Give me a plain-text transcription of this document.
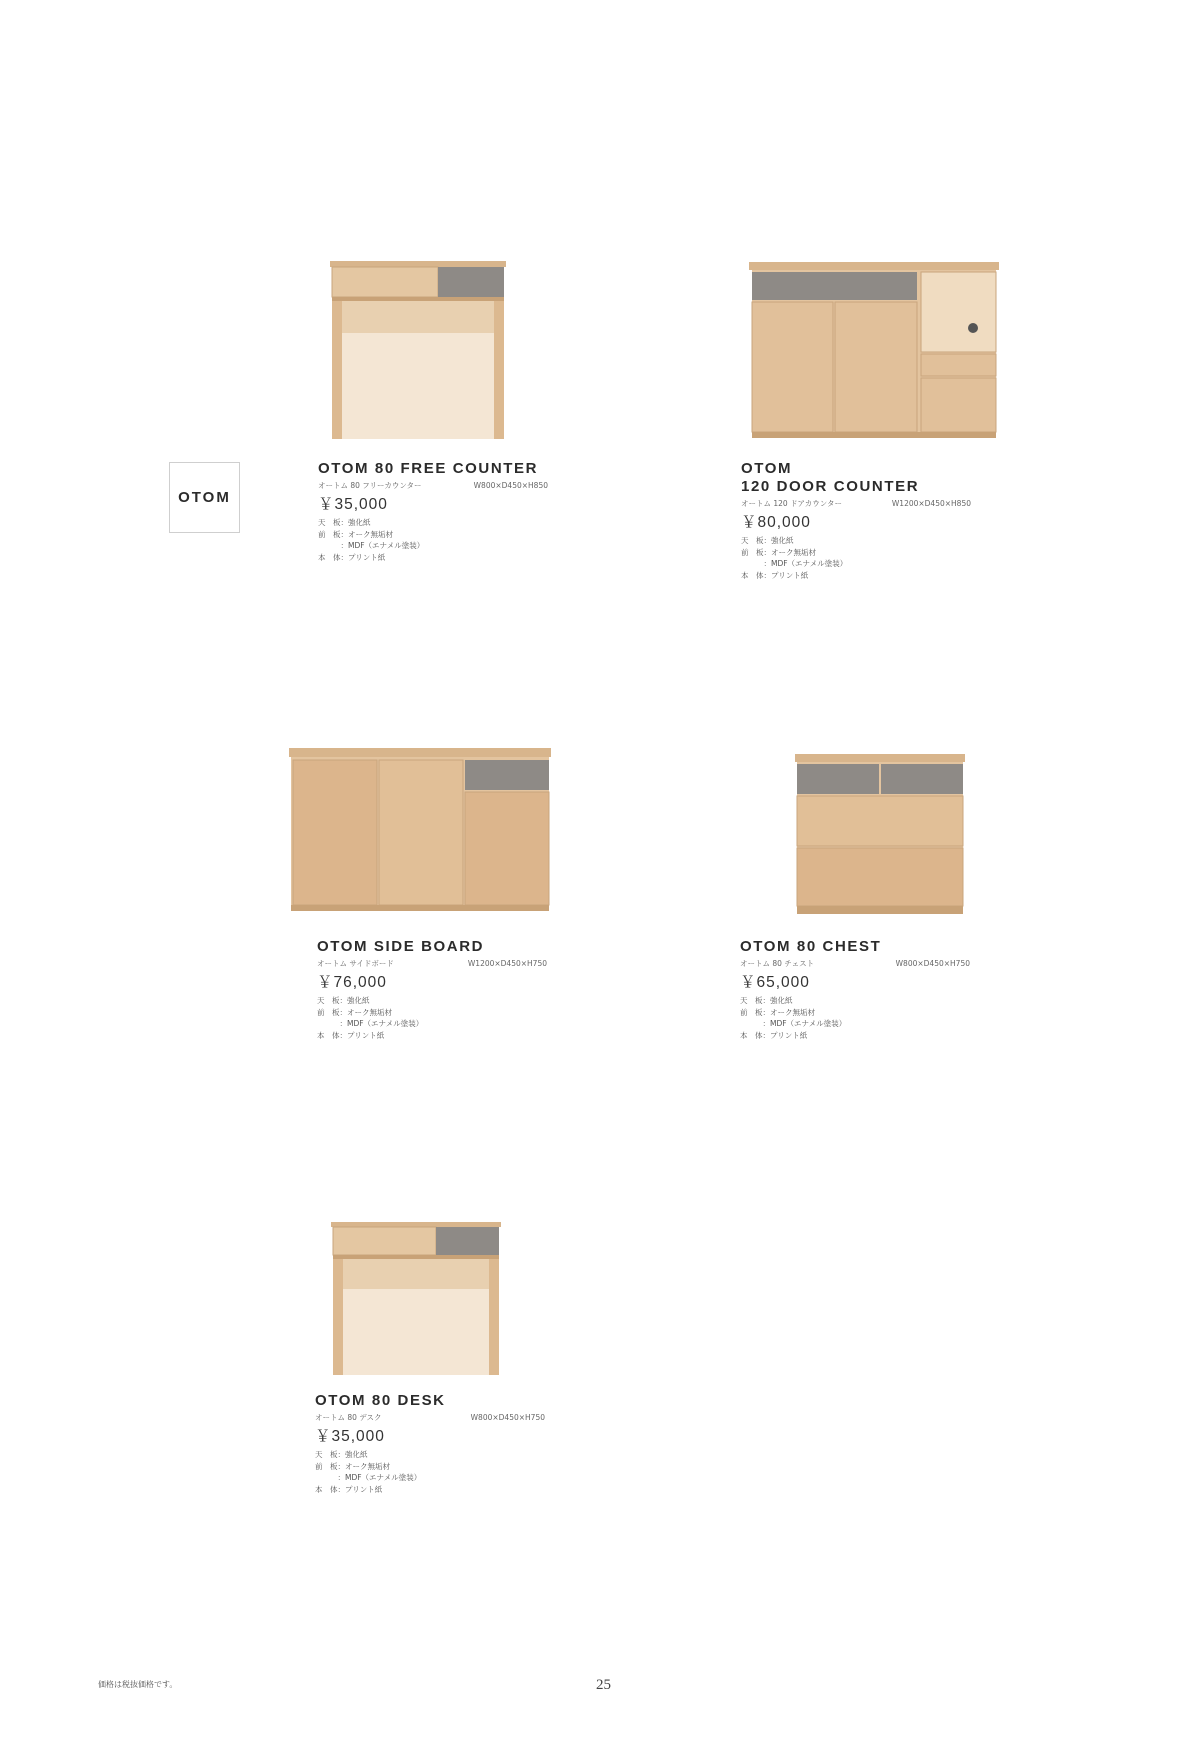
OTOM
OTOM 80 FREE COUNTER
オートム 80 フリーカウンター	W800×D450×H850
￥35,000
天　板：強化紙
前　板：オーク無垢材
　　　：MDF（エナメル塗装）
本　体：プリント紙
OTOM
120 DOOR COUNTER
オートム 120 ドアカウンター	W1200×D450×H850
￥80,000
天　板：強化紙
前　板：オーク無垢材
　　　：MDF（エナメル塗装）
本　体：プリント紙
OTOM SIDE BOARD
オートム サイドボード	W1200×D450×H750
￥76,000
天　板：強化紙
前　板：オーク無垢材
　　　：MDF（エナメル塗装）
本　体：プリント紙
OTOM 80 CHEST
オートム 80 チェスト	W800×D450×H750
￥65,000
天　板：強化紙
前　板：オーク無垢材
　　　：MDF（エナメル塗装）
本　体：プリント紙
OTOM 80 DESK
オートム 80 デスク	W800×D450×H750
￥35,000
天　板：強化紙
前　板：オーク無垢材
　　　：MDF（エナメル塗装）
本　体：プリント紙
価格は税抜価格です。	25
